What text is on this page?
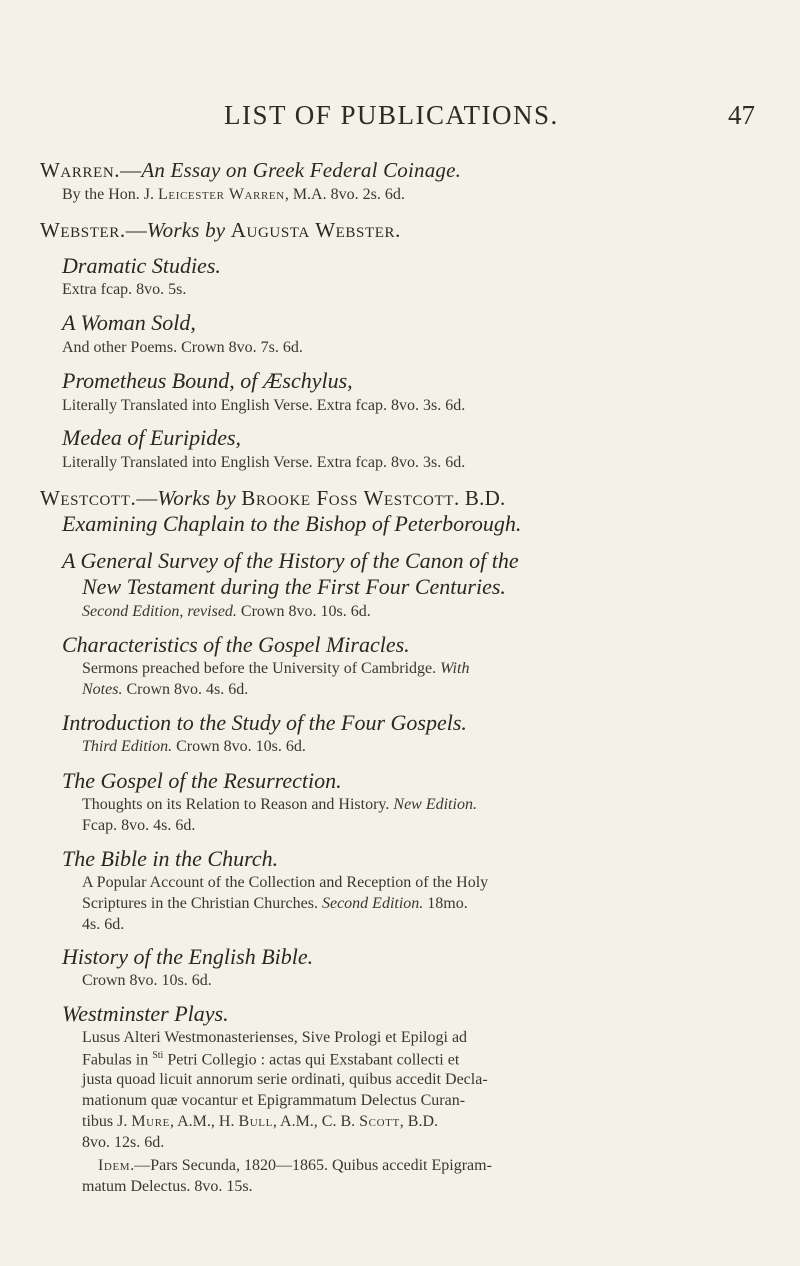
LIST OF PUBLICATIONS.	47
Warren.—An Essay on Greek Federal Coinage.
By the Hon. J. Leicester Warren, M.A. 8vo. 2s. 6d.
Webster.—Works by Augusta Webster.
Dramatic Studies.
Extra fcap. 8vo. 5s.
A Woman Sold,
And other Poems. Crown 8vo. 7s. 6d.
Prometheus Bound, of Æschylus,
Literally Translated into English Verse. Extra fcap. 8vo. 3s. 6d.
Medea of Euripides,
Literally Translated into English Verse. Extra fcap. 8vo. 3s. 6d.
Westcott.—Works by Brooke Foss Westcott. B.D.
Examining Chaplain to the Bishop of Peterborough.
A General Survey of the History of the Canon of the
New Testament during the First Four Centuries.
Second Edition, revised. Crown 8vo. 10s. 6d.
Characteristics of the Gospel Miracles.
Sermons preached before the University of Cambridge. With
Notes. Crown 8vo. 4s. 6d.
Introduction to the Study of the Four Gospels.
Third Edition. Crown 8vo. 10s. 6d.
The Gospel of the Resurrection.
Thoughts on its Relation to Reason and History. New Edition.
Fcap. 8vo. 4s. 6d.
The Bible in the Church.
A Popular Account of the Collection and Reception of the Holy
Scriptures in the Christian Churches. Second Edition. 18mo.
4s. 6d.
History of the English Bible.
Crown 8vo. 10s. 6d.
Westminster Plays.
Lusus Alteri Westmonasterienses, Sive Prologi et Epilogi ad
Fabulas in $^{Sti}$ Petri Collegio : actas qui Exstabant collecti et
justa quoad licuit annorum serie ordinati, quibus accedit Decla-
mationum quæ vocantur et Epigrammatum Delectus Curan-
tibus J. Mure, A.M., H. Bull, A.M., C. B. Scott, B.D.
8vo. 12s. 6d.
Idem.—Pars Secunda, 1820—1865. Quibus accedit Epigram-
matum Delectus. 8vo. 15s.
